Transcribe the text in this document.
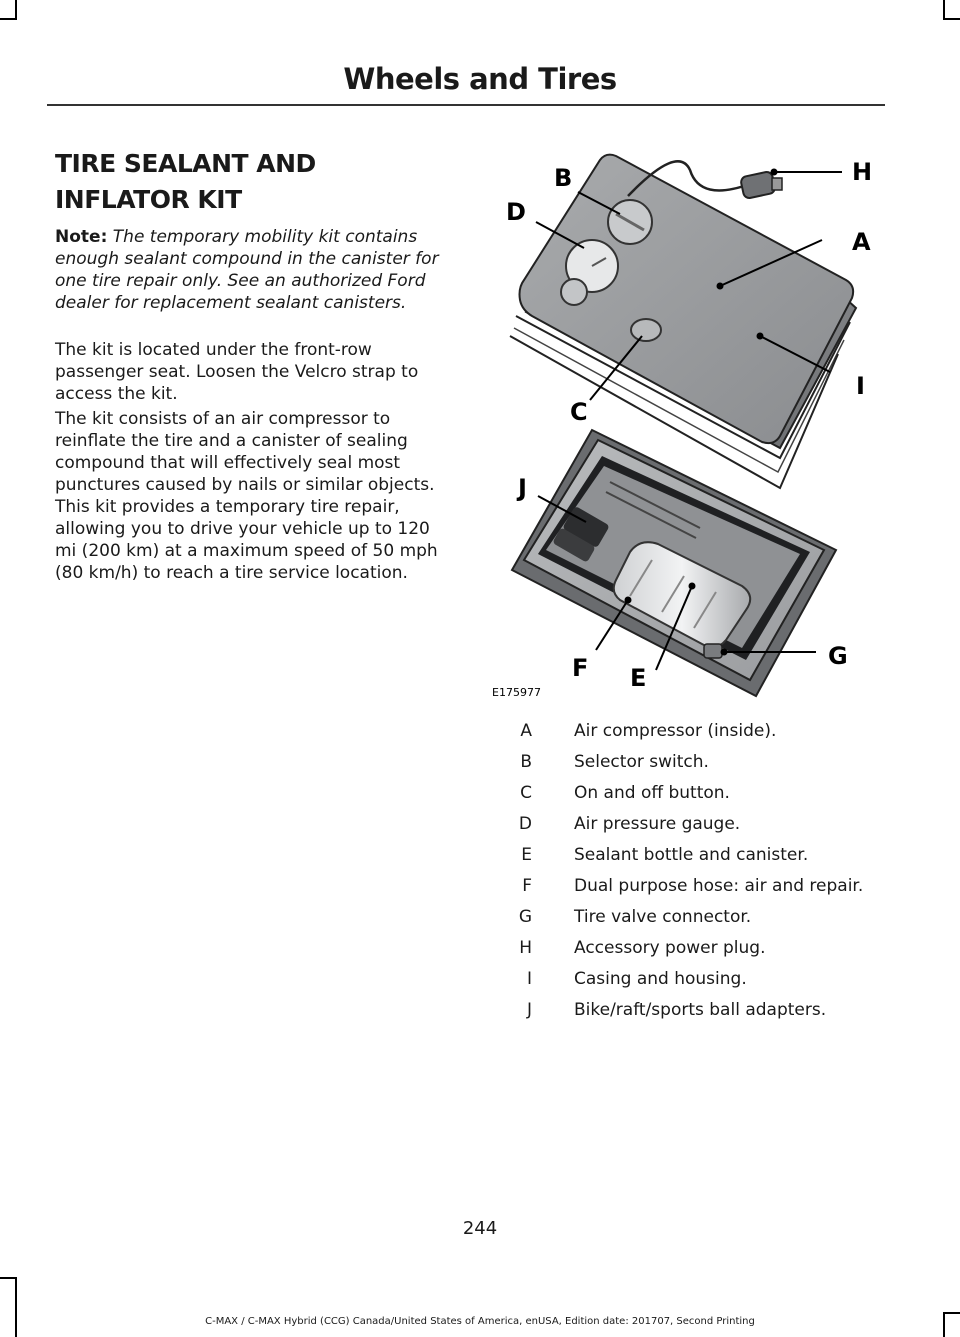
Wheels and Tires
TIRE SEALANT AND INFLATOR KIT
Note: The temporary mobility kit contains enough sealant compound in the canister for one tire repair only. See an authorized Ford dealer for replacement sealant canisters.
The kit is located under the front-row passenger seat. Loosen the Velcro strap to access the kit.
The kit consists of an air compressor to reinflate the tire and a canister of sealing compound that will effectively seal most punctures caused by nails or similar objects. This kit provides a temporary tire repair, allowing you to drive your vehicle up to 120 mi (200 km) at a maximum speed of 50 mph (80 km/h) to reach a tire service location.
H
B
D
A
I
C
J
G
F E
E175977
A Air compressor (inside).
B Selector switch.
C On and off button.
D Air pressure gauge.
E Sealant bottle and canister.
F Dual purpose hose: air and repair.
G Tire valve connector.
H Accessory power plug.
I Casing and housing.
J Bike/raft/sports ball adapters.
244
C-MAX / C-MAX Hybrid (CCG) Canada/United States of America, enUSA, Edition date: 201707, Second Printing
